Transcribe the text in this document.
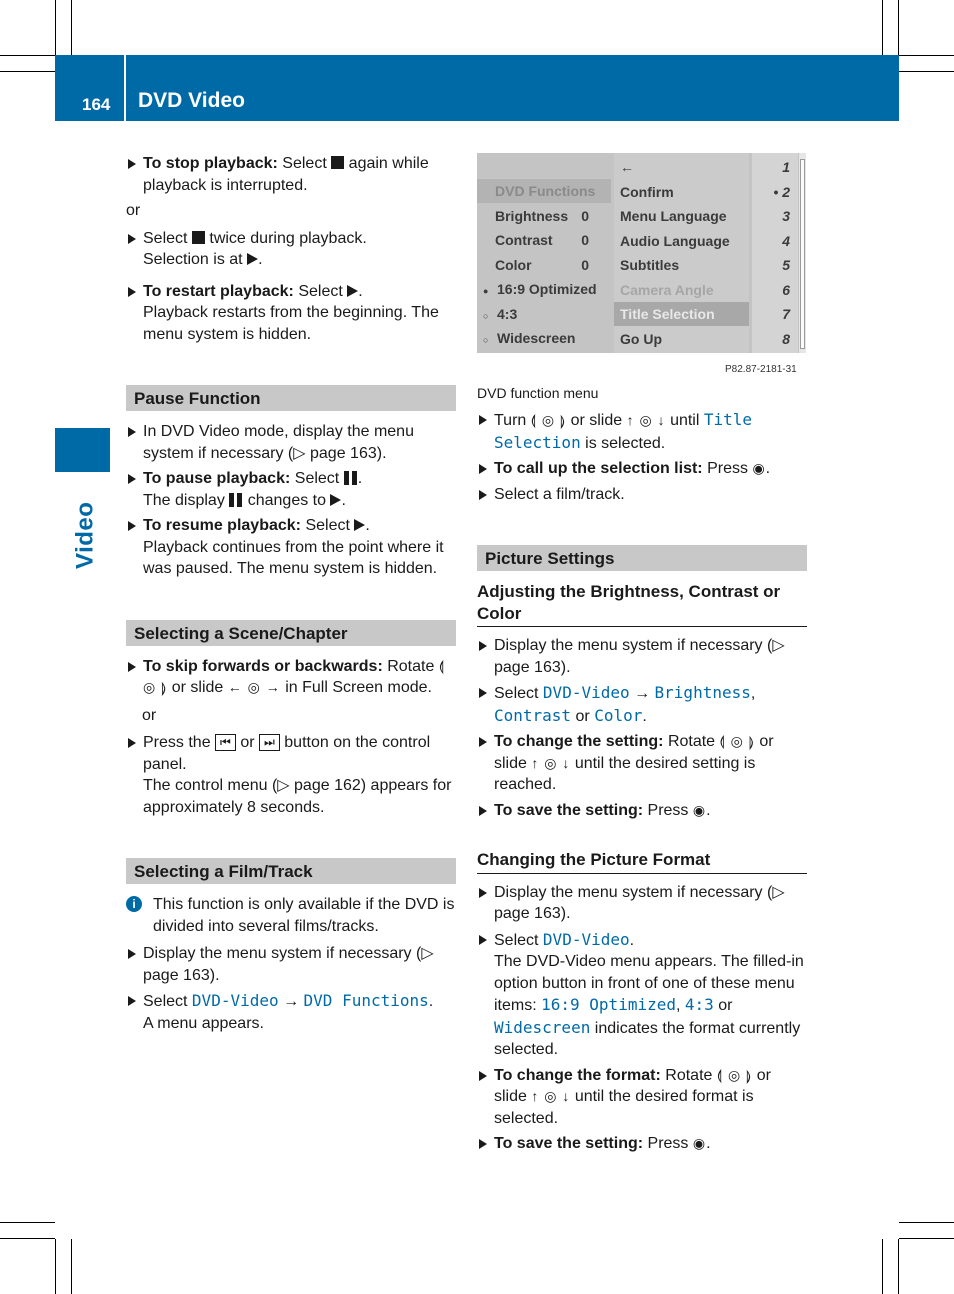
164 DVD Video
Video
To stop playback: Select again while playback is interrupted.
or
Select twice during playback.
Selection is at .
To restart playback: Select .
Playback restarts from the beginning. The menu system is hidden.
Pause Function
In DVD Video mode, display the menu system if necessary (▷ page 163).
To pause playback: Select .
The display changes to .
To resume playback: Select .
Playback continues from the point where it was paused. The menu system is hidden.
Selecting a Scene/Chapter
To skip forwards or backwards: Rotate ⟬ ◎ ⟭ or slide ← ◎ → in Full Screen mode.
or
Press the ⏮ or ⏭ button on the control panel.
The control menu (▷ page 162) appears for approximately 8 seconds.
Selecting a Film/Track
i	This function is only available if the DVD is divided into several films/tracks.
Display the menu system if necessary (▷ page 163).
Select DVD-Video → DVD Functions.
A menu appears.
DVD Functions
Brightness 0
Contrast 0
Color	0
● 16:9 Optimized
○ 4:3
○ Widescreen
←
Confirm
Menu Language
Audio Language
Subtitles
Camera Angle
Title Selection
Go Up
1
• 2
3
4
5
6
7
8
P82.87-2181-31
DVD function menu
Turn ⟬ ◎ ⟭ or slide ↑ ◎ ↓ until Title Selection is selected.
To call up the selection list: Press ◉.
Select a film/track.
Picture Settings
Adjusting the Brightness, Contrast or Color
Display the menu system if necessary (▷ page 163).
Select DVD-Video → Brightness, Contrast or Color.
To change the setting: Rotate ⟬ ◎ ⟭ or slide ↑ ◎ ↓ until the desired setting is reached.
To save the setting: Press ◉.
Changing the Picture Format
Display the menu system if necessary (▷ page 163).
Select DVD-Video.
The DVD-Video menu appears. The filled-in option button in front of one of these menu items: 16:9 Optimized, 4:3 or Widescreen indicates the format currently selected.
To change the format: Rotate ⟬ ◎ ⟭ or slide ↑ ◎ ↓ until the desired format is selected.
To save the setting: Press ◉.
